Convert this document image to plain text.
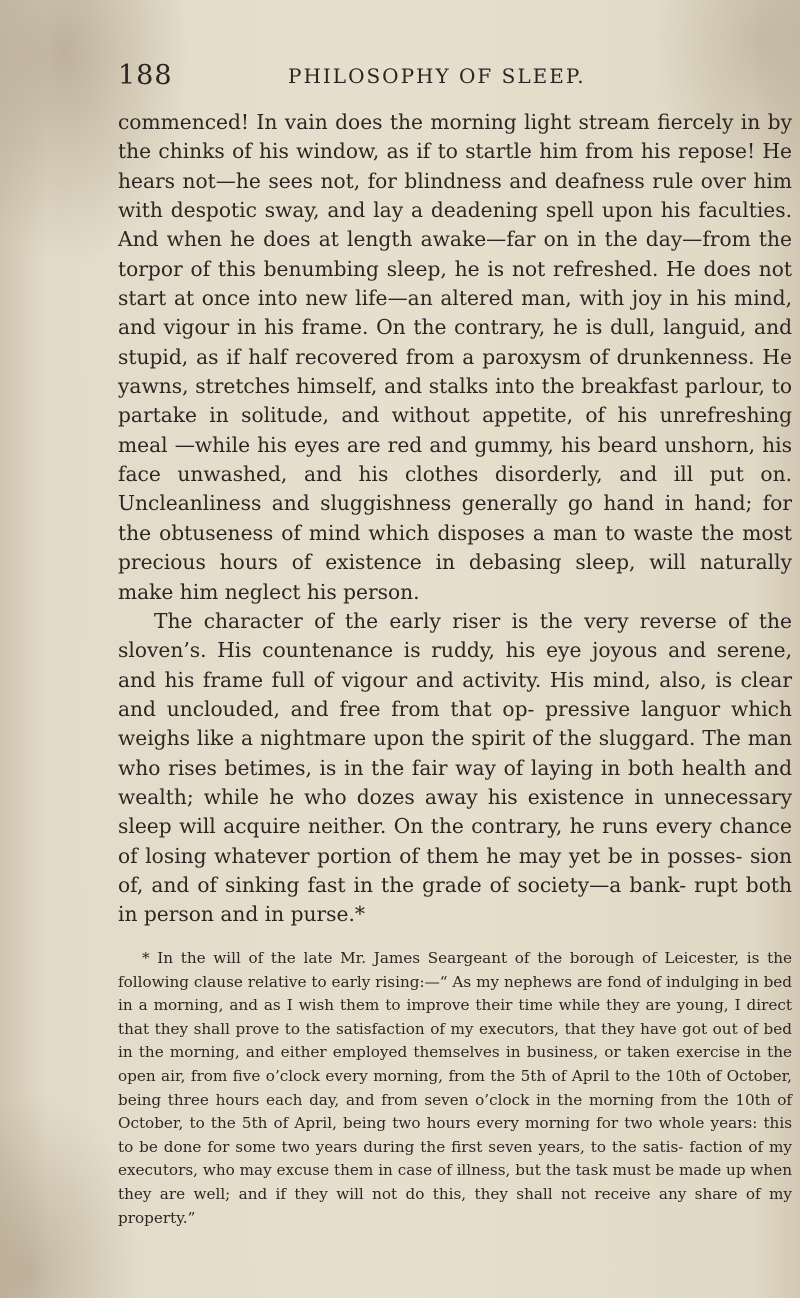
188	PHILOSOPHY OF SLEEP.

commenced! In vain does the morning light stream fiercely in by the chinks of his window, as if to startle him from his repose! He hears not—he sees not, for blindness and deafness rule over him with despotic sway, and lay a deadening spell upon his faculties. And when he does at length awake—far on in the day—from the torpor of this benumbing sleep, he is not refreshed. He does not start at once into new life—an altered man, with joy in his mind, and vigour in his frame. On the contrary, he is dull, languid, and stupid, as if half recovered from a paroxysm of drunkenness. He yawns, stretches himself, and stalks into the breakfast parlour, to partake in solitude, and without appetite, of his unrefreshing meal —while his eyes are red and gummy, his beard unshorn, his face unwashed, and his clothes disorderly, and ill put on. Uncleanliness and sluggishness generally go hand in hand; for the obtuseness of mind which disposes a man to waste the most precious hours of existence in debasing sleep, will naturally make him neglect his person.

The character of the early riser is the very reverse of the sloven’s. His countenance is ruddy, his eye joyous and serene, and his frame full of vigour and activity. His mind, also, is clear and unclouded, and free from that op- pressive languor which weighs like a nightmare upon the spirit of the sluggard. The man who rises betimes, is in the fair way of laying in both health and wealth; while he who dozes away his existence in unnecessary sleep will acquire neither. On the contrary, he runs every chance of losing whatever portion of them he may yet be in posses- sion of, and of sinking fast in the grade of society—a bank- rupt both in person and in purse.*

* In the will of the late Mr. James Seargeant of the borough of Leicester, is the following clause relative to early rising:—“ As my nephews are fond of indulging in bed in a morning, and as I wish them to improve their time while they are young, I direct that they shall prove to the satisfaction of my executors, that they have got out of bed in the morning, and either employed themselves in business, or taken exercise in the open air, from five o’clock every morning, from the 5th of April to the 10th of October, being three hours each day, and from seven o’clock in the morning from the 10th of October, to the 5th of April, being two hours every morning for two whole years: this to be done for some two years during the first seven years, to the satis- faction of my executors, who may excuse them in case of illness, but the task must be made up when they are well; and if they will not do this, they shall not receive any share of my property.”
